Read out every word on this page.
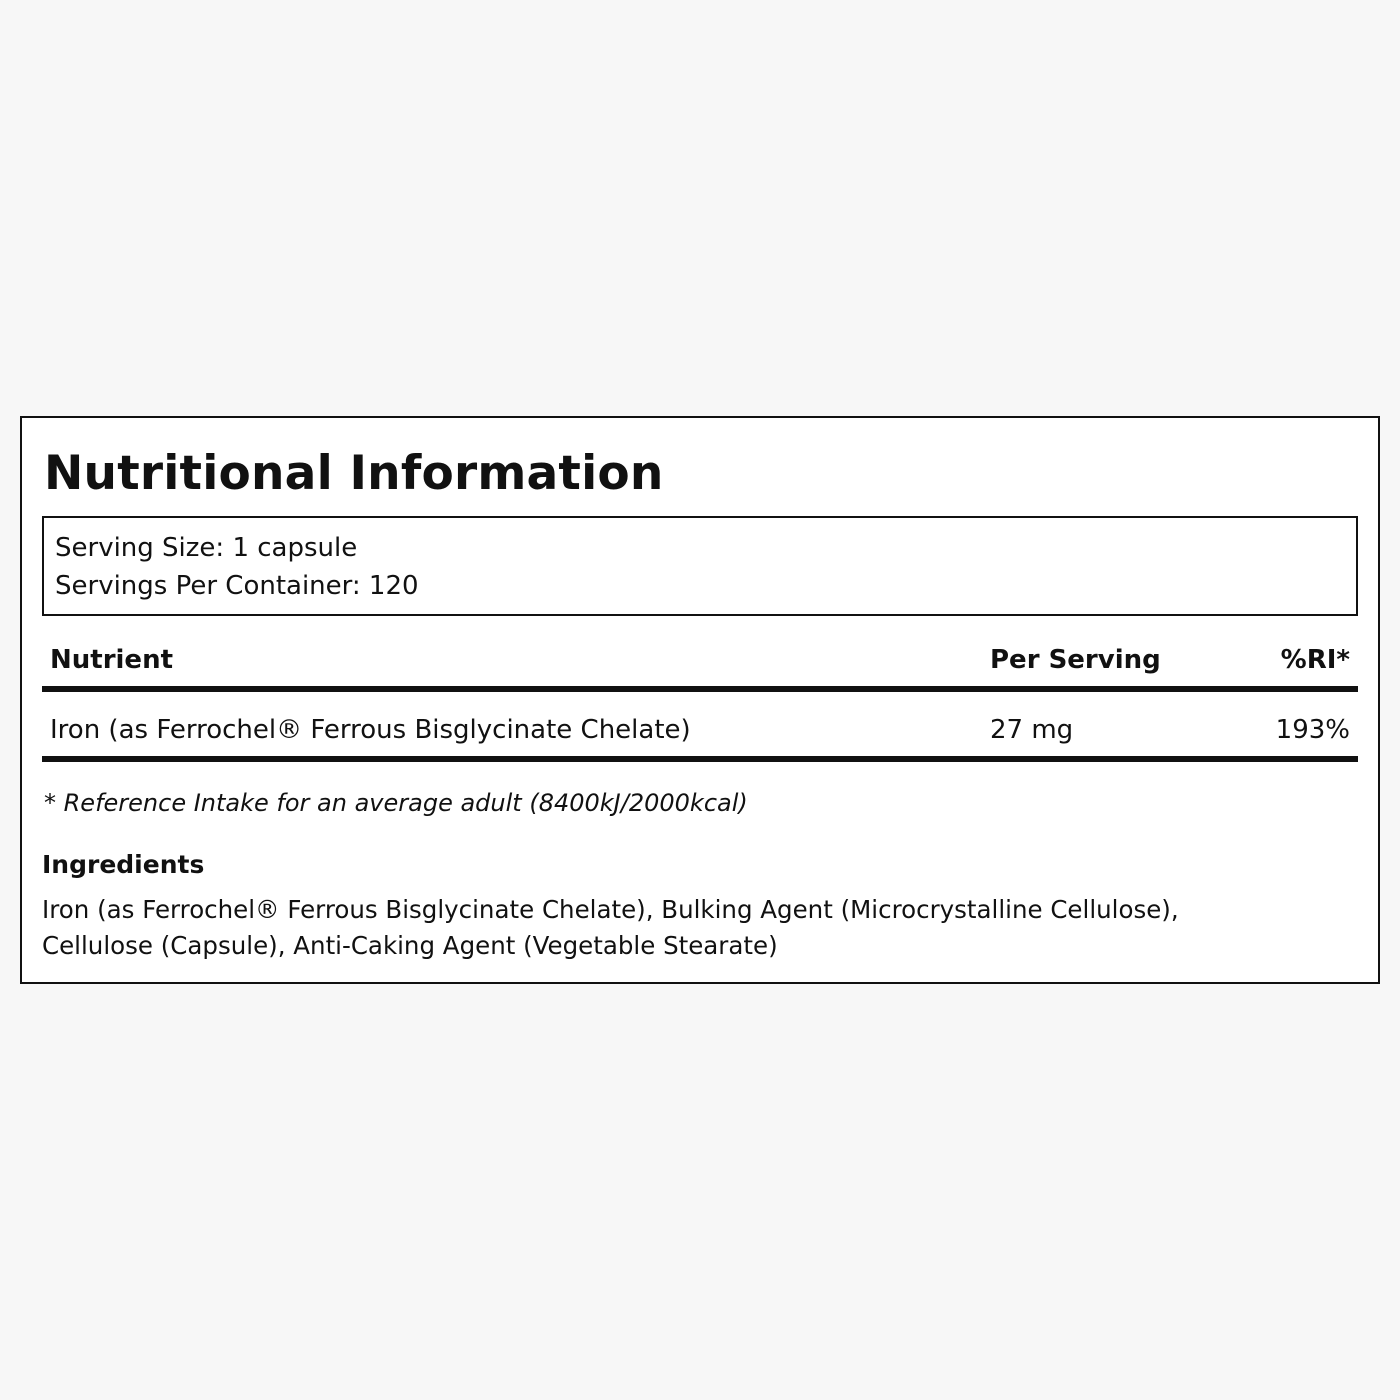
Nutritional Information
Serving Size: 1 capsule
Servings Per Container: 120
Nutrient	Per Serving	%RI*
Iron (as Ferrochel® Ferrous Bisglycinate Chelate)	27 mg	193%
* Reference Intake for an average adult (8400kJ/2000kcal)
Ingredients

Iron (as Ferrochel® Ferrous Bisglycinate Chelate), Bulking Agent (Microcrystalline Cellulose), Cellulose (Capsule), Anti-Caking Agent (Vegetable Stearate)
